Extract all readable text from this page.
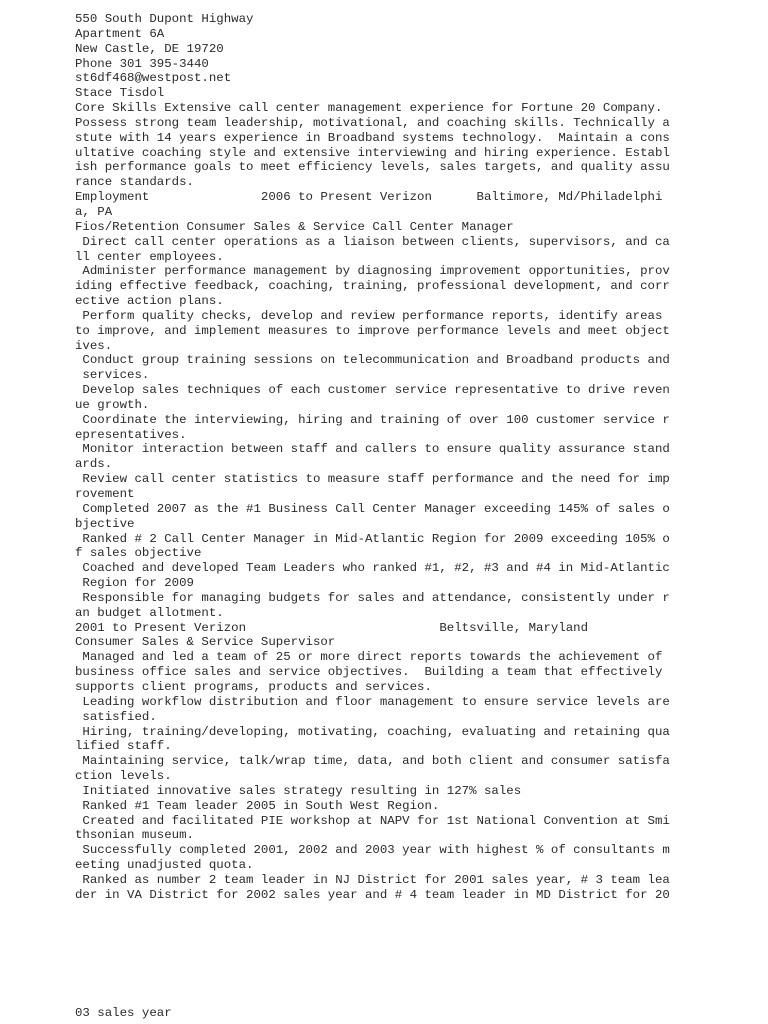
550 South Dupont Highway
Apartment 6A
New Castle, DE 19720
Phone 301 395-3440
st6df468@westpost.net
Stace Tisdol
Core Skills Extensive call center management experience for Fortune 20 Company.
Possess strong team leadership, motivational, and coaching skills. Technically a
stute with 14 years experience in Broadband systems technology.  Maintain a cons
ultative coaching style and extensive interviewing and hiring experience. Establ
ish performance goals to meet efficiency levels, sales targets, and quality assu
rance standards.
Employment               2006 to Present Verizon      Baltimore, Md/Philadelphi
a, PA
Fios/Retention Consumer Sales & Service Call Center Manager
Direct call center operations as a liaison between clients, supervisors, and ca
ll center employees.
Administer performance management by diagnosing improvement opportunities, prov
iding effective feedback, coaching, training, professional development, and corr
ective action plans.
Perform quality checks, develop and review performance reports, identify areas
to improve, and implement measures to improve performance levels and meet object
ives.
Conduct group training sessions on telecommunication and Broadband products and
services.
Develop sales techniques of each customer service representative to drive reven
ue growth.
Coordinate the interviewing, hiring and training of over 100 customer service r
epresentatives.
Monitor interaction between staff and callers to ensure quality assurance stand
ards.
Review call center statistics to measure staff performance and the need for imp
rovement
Completed 2007 as the #1 Business Call Center Manager exceeding 145% of sales o
bjective
Ranked # 2 Call Center Manager in Mid-Atlantic Region for 2009 exceeding 105% o
f sales objective
Coached and developed Team Leaders who ranked #1, #2, #3 and #4 in Mid-Atlantic
Region for 2009
Responsible for managing budgets for sales and attendance, consistently under r
an budget allotment.
2001 to Present Verizon                          Beltsville, Maryland
Consumer Sales & Service Supervisor
Managed and led a team of 25 or more direct reports towards the achievement of
business office sales and service objectives.  Building a team that effectively
supports client programs, products and services.
Leading workflow distribution and floor management to ensure service levels are
satisfied.
Hiring, training/developing, motivating, coaching, evaluating and retaining qua
lified staff.
Maintaining service, talk/wrap time, data, and both client and consumer satisfa
ction levels.
Initiated innovative sales strategy resulting in 127% sales
Ranked #1 Team leader 2005 in South West Region.
Created and facilitated PIE workshop at NAPV for 1st National Convention at Smi
thsonian museum.
Successfully completed 2001, 2002 and 2003 year with highest % of consultants m
eeting unadjusted quota.
Ranked as number 2 team leader in NJ District for 2001 sales year, # 3 team lea
der in VA District for 2002 sales year and # 4 team leader in MD District for 20
03 sales year
